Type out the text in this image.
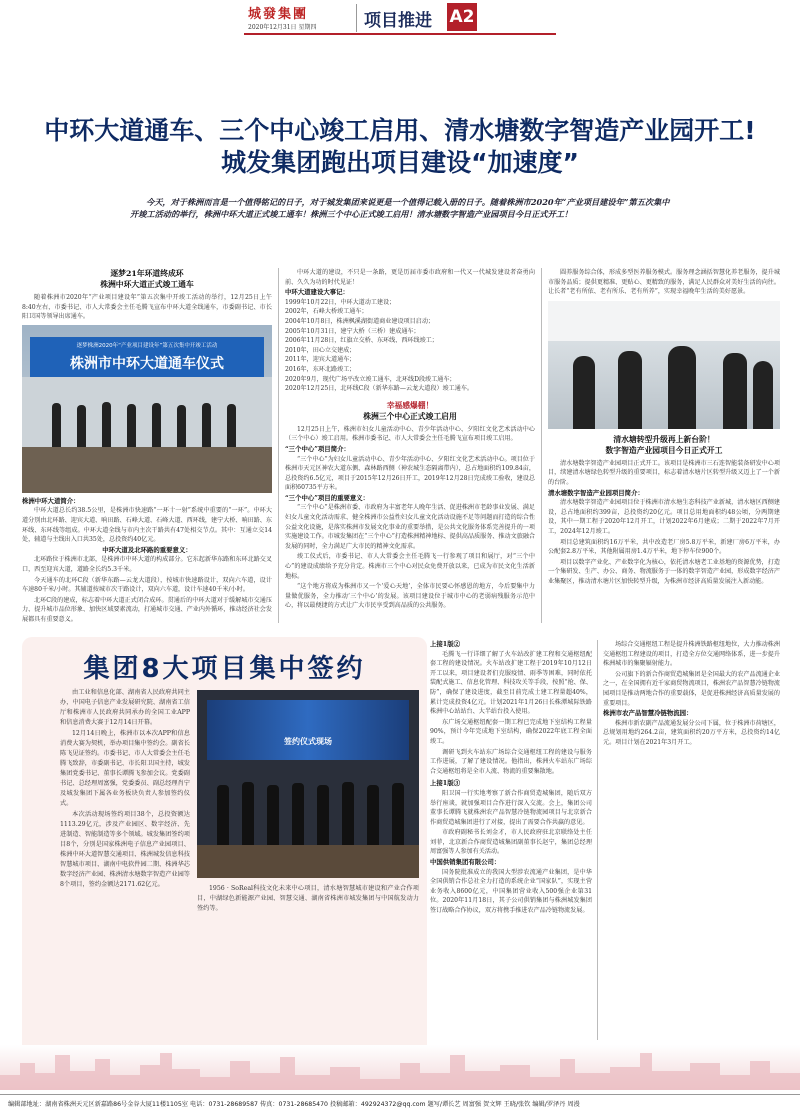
城發集團
2020年12月31日 星期四	项目推进 A2
中环大道通车、三个中心竣工启用、清水塘数字智造产业园开工!
城发集团跑出项目建设“加速度”
今天，对于株洲而言是一个值得铭记的日子，对于城发集团来说更是一个值得记载入册的日子。随着株洲市2020年“产业项目建设年”第五次集中开竣工活动的举行，株洲中环大道正式竣工通车！株洲三个中心正式竣工启用！清水塘数字智造产业园项目今日正式开工！
逐梦21年环道终成环
株洲中环大道正式竣工通车

随着株洲市2020年“产业项目建设年”第五次集中开竣工活动的举行，12月25日上午8:40左右，市委书记、市人大常委会主任毛腾飞宣布中环大道全线通车，市委副书记、市长阳卫国等领导出席通车。

逐梦株洲2020年“产业项目建设年”第五次集中开竣工活动
株洲市中环大道通车仪式
株洲中环大道简介：

中环大道总长约38.5公里，是株洲市快速路“一环十一射”系统中重要的“一环”。中环大道分别由北环路、迎宾大道、响田路、石峰大道、石峰大道、西环线，建宁大桥、响田路、东环线、东环线等组成。中环大道全线与市内主次干路共有47处相交节点。其中：互通立交14处，辅道与主线出入口共35处，总投资约40亿元。

中环大道及北环路的重要意义：

北环路位于株洲市北部，是株洲市中环大道的构成部分。它东起新华东路和东环北路交叉口，西至迎宾大道，道路全长约5.3千米。

今天通车的北环C段（新华东路—云龙大道段），按城市快速路设计，双向六车道，设计车速80千米/小时。其辅道按城市次干路设计，双向六车道，设计车速40千米/小时。

北环C段的建成，标志着中环大道正式闭合成环。贯通后的中环大道对于缓解城市交通压力、提升城市品位形象、加快区域要素流动，打通城市交通、产业内外循环，推动经济社会发展都具有重要意义。

中环大道的建设，不只是一条路，更是历届市委市政府和一代又一代城发建设者奋勇向前、久久为功的时代见证！

中环大道建设大事记：
1999年10月22日，中环大道动工建设；
2002年，石峰大桥竣工通车；
2004年10月8日，株洲枫溪湖街道商业建设项目启动；
2005年10月31日，建宁大桥（三桥）建成通车；
2006年11月28日，红旗立交桥、东环线、西环线竣工；
2010年，田心立交建成；
2011年，迎宾大道通车；
2016年，东环北路竣工；
2020年9月，现代广场平改立竣工通车，北环线D段竣工通车；
2020年12月25日，北环线C段（新华东路—云龙大道段）竣工通车。
幸福感爆棚！
株洲三个中心正式竣工启用

12月25日上午，株洲市妇女儿童活动中心、青少年活动中心、夕阳红文化艺术活动中心（三个中心）竣工启用。株洲市委书记、市人大常委会主任毛腾飞宣布项目竣工启用。

“三个中心”项目简介：

“三个中心”为妇女儿童活动中心、青少年活动中心、夕阳红文化艺术活动中心。项目位于株洲市天元区神农大道东侧、森林路西侧（神农城生态隔离带内），总占地面积约109.84亩，总投资约6.5亿元，项目于2015年12月26日开工，2019年12月28日完成竣工验收，建设总面积60735平方米。

“三个中心”项目的重要意义：

“三个中心”是株洲市委、市政府为丰富老年人晚年生活、促进株洲市老龄事业发展、满足妇女儿童文化活动需求、健全株洲市公益性妇女儿童文化活动设施不足等问题而打造的综合性公益文化设施，是落实株洲市发展文化事业的重要举措，是公共文化服务体系完善提升的一项实施建设工作。市城发集团在“三个中心”打造株洲精神地标、提供高品质服务、推动文旅融合发展的同时，全力满足广大市民的精神文化需求。

竣工仪式后，市委书记、市人大常委会主任毛腾飞一行参观了项目和展厅，对“三个中心”的建设成绩给予充分肯定。株洲市三个中心对民众免费开放以来，已成为市民文化生活新地标。

“这个地方将成为株洲市又一个‘爱心天地’，全体市民要心怀感恩的地方，今后要集中力量做优服务，全力推动‘三个中心’的发展。该项目建设位于城市中心的老弱病残服务示范中心，将以最便捷的方式让广大市民享受到高品质的公共服务。

圆养服务综合体，形成多型医养服务模式。服务理念涵括智慧化养老服务，提升城市服务品质；提供更精准、更贴心、更精致的服务，满足人民群众对美好生活的向往。让长者“老有所依、老有所乐、老有所养”，实现幸福晚年生活的美好愿景。

清水塘转型升级再上新台阶！
数字智造产业园项目今日正式开工

清水塘数字智造产业园项目正式开工。该项目是株洲市三石连智能装备研发中心项目，续建清水塘绿色转型升级的重要项目，标志着清水塘片区转型升级又迈上了一个新的台阶。

清水塘数字智造产业园项目简介：

清水塘数字智造产业园项目位于株洲市清水塘生态科技产业新城，清水塘区西侧建设，总占地面积约399亩，总投资约20亿元。项目总用地面积约48公顷，分两期建设，其中一期工程于2020年12月开工，计划2022年6月建成；二期于2022年7月开工，2024年12月竣工。

项目总建筑面积约16万平米，共中改造老厂房5.8万平米，新建厂房6万平米，办公配套2.8万平米，其他附属用房1.4万平米，地下停车位900个。

项目以数字产业化、产业数字化为核心，依托清水塘老工业基地的资源优势，打造一个集研发、生产、办公、商务、物流服务于一体的数字智造产业园，形成数字经济产业集聚区，推动清水塘片区加快转型升级，为株洲市经济高质量发展注入新动能。

集团8大项目集中签约

由工业和信息化部、湖南省人民政府共同主办，中国电子信息产业发展研究院、湖南省工信厅和株洲市人民政府共同承办的全国工业APP和信息消费大赛于12月14日开幕。

12月14日晚上，株洲市以本次APP和信息消费大赛为契机，举办项目集中签约会。副省长陈飞见证签约。市委书记、市人大常委会主任毛腾飞致辞，市委副书记、市长阳卫国主持，城发集团党委书记、董事长谭腾飞参加会议。党委副书记、总经理周富强，党委委员、副总经理肖宁及城发集团下属各业务板块负责人参加签约仪式。

本次活动现场签约项目38个，总投资额达1113.29亿元，涉及产业园区、数字经济、先进制造、智能制造等多个领域。城发集团签约项目8个，分别是国家株洲电子信息产业园项目、株洲中环大道智慧交通项目、株洲城发信息科技智慧城市项目、湖南中电软件园二期、株洲华芯数字经济产业园、株洲清水塘数字智造产业园等8个项目，签约金额达2171.62亿元。

签约仪式现场

1956 · SoReal科技文化未来中心项目，清水塘智慧城市建设和产业合作项目，中湖绿色新能源产业园、智慧交通、湖南省株洲市城发集团与中国航发动力签约等。

上接1版②

毛腾飞一行详细了解了火车站改扩建工程和交通枢纽配套工程的建设情况。火车站改扩建工程于2019年10月12日开工以来，项目建设者们克服疫情、雨季等困难，同时依托装配式施工、信息化管理、科技攻关等手段，按照“抢、保、防”，确保了建设进度，截至目前完成土建工程量超40%，累计完成投资4亿元。计划2021年1月26日长株潭城际铁路株洲中心站站台、大半站台投入使用。

东广场交通枢纽配套一期工程已完成地下室结构工程量90%，预计今年完成地下室结构，确保2022年底工程全面竣工。

调研飞到火车站东广场综合交通枢纽工程的建设与服务工作进展，了解了建设情况。他指出，株洲火车站东广场综合交通枢纽将是全市人流、物流的重要集散地。

上接1版③

阳卫国一行实地考察了新合作商贸造城集团，随后双方举行座谈，就加强项目合作进行深入交流。会上，集团公司董事长谭腾飞就株洲农产品智慧冷链物流园项目与北京新合作商贸造城集团进行了对接，提出了需要合作共赢的意见。

市政府副秘书长刘金才，市人民政府驻北京联络处主任刘菲，北京新合作商贸造城集团副董事长赵宁，集团总经理周富强等人参加有关活动。

中国供销集团有限公司：

国务院批准成立的我国大型涉农流通产业集团，是中华全国供销合作总社全力打造的系统企业“国家队”，实现主营业务收入8600亿元，中国集团营业收入500强企业第31位。2020年11月18日，其子公司供销集团与株洲城发集团签订战略合作协议，双方将携手推进农产品冷链物流发展。

场综合交通枢纽工程是提升株洲铁路枢纽地位，大力推动株洲交通枢纽工程建设的项目，打造全方位交通网络体系，进一步提升株洲城市的集聚辐射能力。

公司旗下的新合作商贸造城集团是全国最大的农产品流通企业之一，在全国拥有近千家商贸物流项目，株洲农产品智慧冷链物流园项目是推动两地合作的重要载体，是促进株洲经济高质量发展的重要项目。

株洲市农产品智慧冷链物流园：

株洲市新农副产品流通发展分公司下属，位于株洲市荷塘区，总规划用地约264.2亩，建筑面积约20万平方米，总投资约14亿元。项目计划在2021年3月开工。

编辑部地址：湖南省株洲天元区新嘉路86号金谷大厦11楼1105室 电话：0731-28689587 传真：0731-28685470 投稿邮箱：492924372@qq.com 题写/谭长艺 周富强 贺文辉 王晓/张钦 编辑/罗泽丹 周漫
